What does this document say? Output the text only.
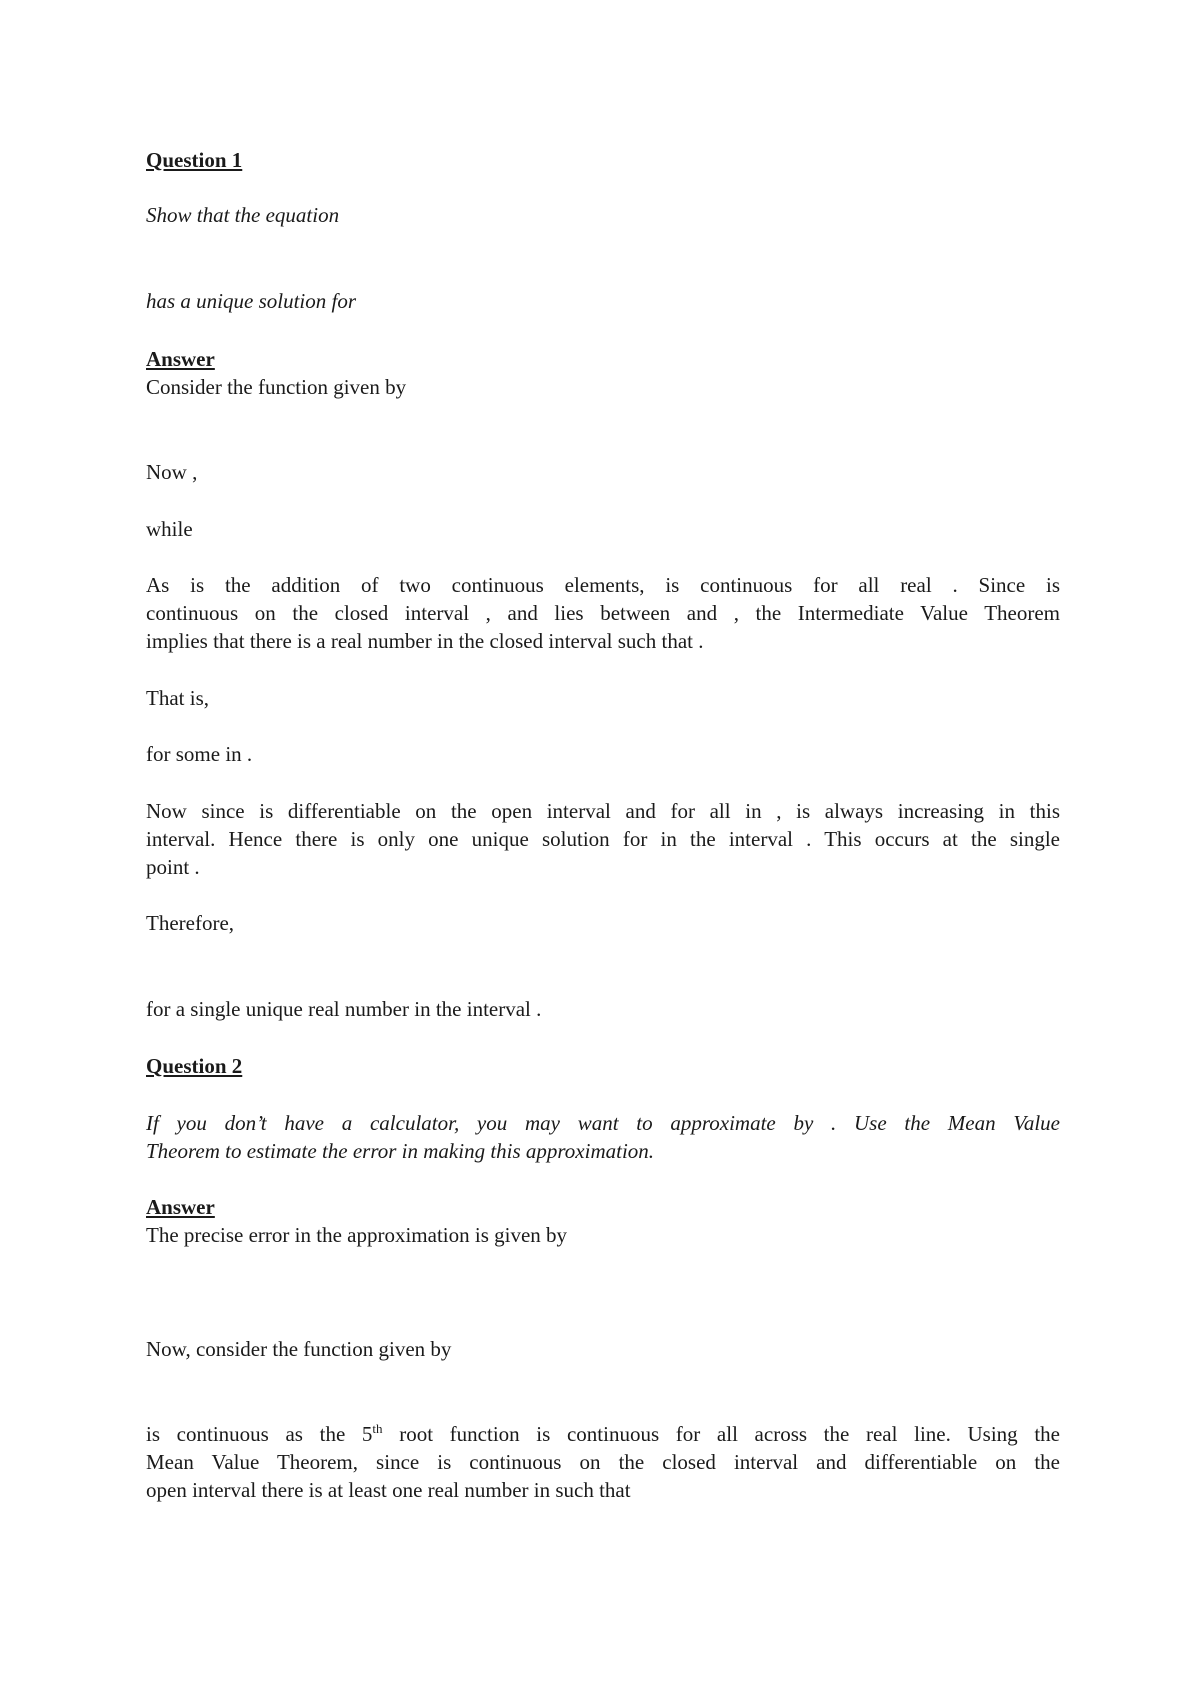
Question 1

Show that the equation

has a unique solution for

Answer

Consider the function given by

Now ,

while

As is the addition of two continuous elements, is continuous for all real . Since is

continuous on the closed interval , and lies between and , the Intermediate Value Theorem

implies that there is a real number in the closed interval such that .

That is,

for some in .

Now since is differentiable on the open interval and for all in , is always increasing in this

interval. Hence there is only one unique solution for in the interval . This occurs at the single

point .

Therefore,

for a single unique real number in the interval .

Question 2

If you don’t have a calculator, you may want to approximate by . Use the Mean Value

Theorem to estimate the error in making this approximation.

Answer

The precise error in the approximation is given by

Now, consider the function given by

is continuous as the 5th root function is continuous for all across the real line. Using the

Mean Value Theorem, since is continuous on the closed interval and differentiable on the

open interval there is at least one real number in such that
